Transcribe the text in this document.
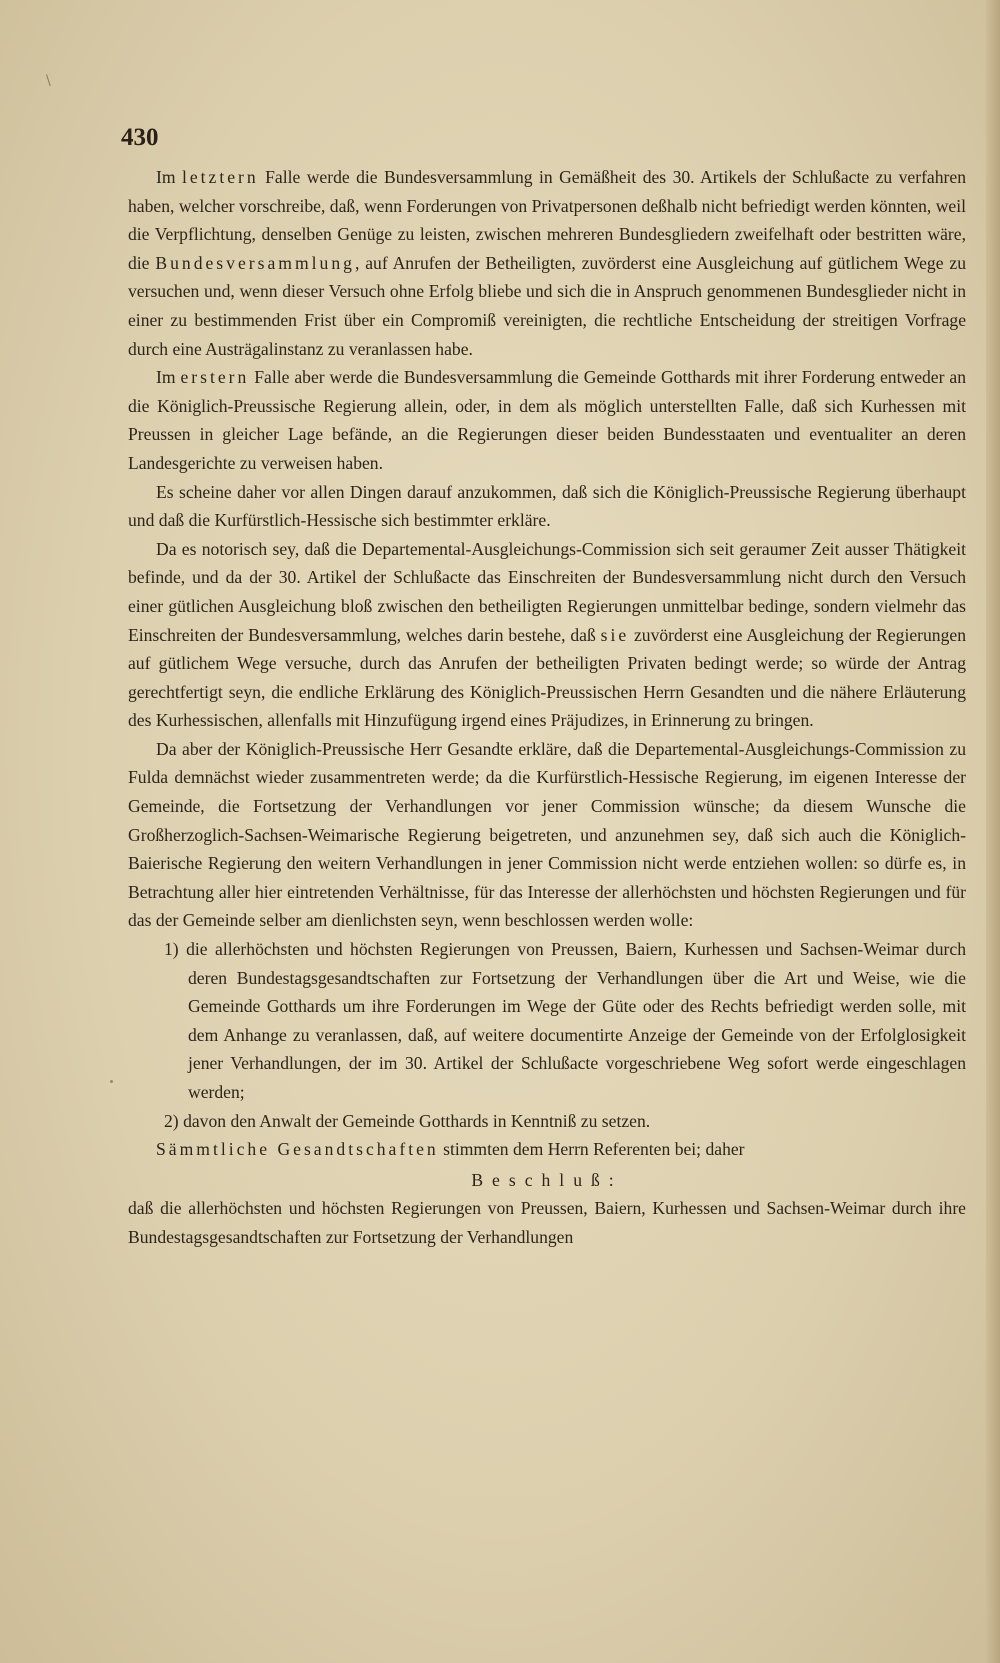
\
430

Im letztern Falle werde die Bundesversammlung in Gemäßheit des 30. Artikels der Schlußacte zu verfahren haben, welcher vorschreibe, daß, wenn Forderungen von Privatpersonen deßhalb nicht befriedigt werden könnten, weil die Verpflichtung, denselben Genüge zu leisten, zwischen mehreren Bundesgliedern zweifelhaft oder bestritten wäre, die Bundesversammlung, auf Anrufen der Betheiligten, zuvörderst eine Ausgleichung auf gütlichem Wege zu versuchen und, wenn dieser Versuch ohne Erfolg bliebe und sich die in Anspruch genommenen Bundesglieder nicht in einer zu bestimmenden Frist über ein Compromiß vereinigten, die rechtliche Entscheidung der streitigen Vorfrage durch eine Austrägalinstanz zu veranlassen habe.

Im erstern Falle aber werde die Bundesversammlung die Gemeinde Gotthards mit ihrer Forderung entweder an die Königlich-Preussische Regierung allein, oder, in dem als möglich unterstellten Falle, daß sich Kurhessen mit Preussen in gleicher Lage befände, an die Regierungen dieser beiden Bundesstaaten und eventualiter an deren Landesgerichte zu verweisen haben.

Es scheine daher vor allen Dingen darauf anzukommen, daß sich die Königlich-Preussische Regierung überhaupt und daß die Kurfürstlich-Hessische sich bestimmter erkläre.

Da es notorisch sey, daß die Departemental-Ausgleichungs-Commission sich seit geraumer Zeit ausser Thätigkeit befinde, und da der 30. Artikel der Schlußacte das Einschreiten der Bundesversammlung nicht durch den Versuch einer gütlichen Ausgleichung bloß zwischen den betheiligten Regierungen unmittelbar bedinge, sondern vielmehr das Einschreiten der Bundesversammlung, welches darin bestehe, daß sie zuvörderst eine Ausgleichung der Regierungen auf gütlichem Wege versuche, durch das Anrufen der betheiligten Privaten bedingt werde; so würde der Antrag gerechtfertigt seyn, die endliche Erklärung des Königlich-Preussischen Herrn Gesandten und die nähere Erläuterung des Kurhessischen, allenfalls mit Hinzufügung irgend eines Präjudizes, in Erinnerung zu bringen.

Da aber der Königlich-Preussische Herr Gesandte erkläre, daß die Departemental-Ausgleichungs-Commission zu Fulda demnächst wieder zusammentreten werde; da die Kurfürstlich-Hessische Regierung, im eigenen Interesse der Gemeinde, die Fortsetzung der Verhandlungen vor jener Commission wünsche; da diesem Wunsche die Großherzoglich-Sachsen-Weimarische Regierung beigetreten, und anzunehmen sey, daß sich auch die Königlich-Baierische Regierung den weitern Verhandlungen in jener Commission nicht werde entziehen wollen: so dürfe es, in Betrachtung aller hier eintretenden Verhältnisse, für das Interesse der allerhöchsten und höchsten Regierungen und für das der Gemeinde selber am dienlichsten seyn, wenn beschlossen werden wolle:

1) die allerhöchsten und höchsten Regierungen von Preussen, Baiern, Kurhessen und Sachsen-Weimar durch deren Bundestagsgesandtschaften zur Fortsetzung der Verhandlungen über die Art und Weise, wie die Gemeinde Gotthards um ihre Forderungen im Wege der Güte oder des Rechts befriedigt werden solle, mit dem Anhange zu veranlassen, daß, auf weitere documentirte Anzeige der Gemeinde von der Erfolglosigkeit jener Verhandlungen, der im 30. Artikel der Schlußacte vorgeschriebene Weg sofort werde eingeschlagen werden;

2) davon den Anwalt der Gemeinde Gotthards in Kenntniß zu setzen.

Sämmtliche Gesandtschaften stimmten dem Herrn Referenten bei; daher

Beschluß:

daß die allerhöchsten und höchsten Regierungen von Preussen, Baiern, Kurhessen und Sachsen-Weimar durch ihre Bundestagsgesandtschaften zur Fortsetzung der Verhandlungen
